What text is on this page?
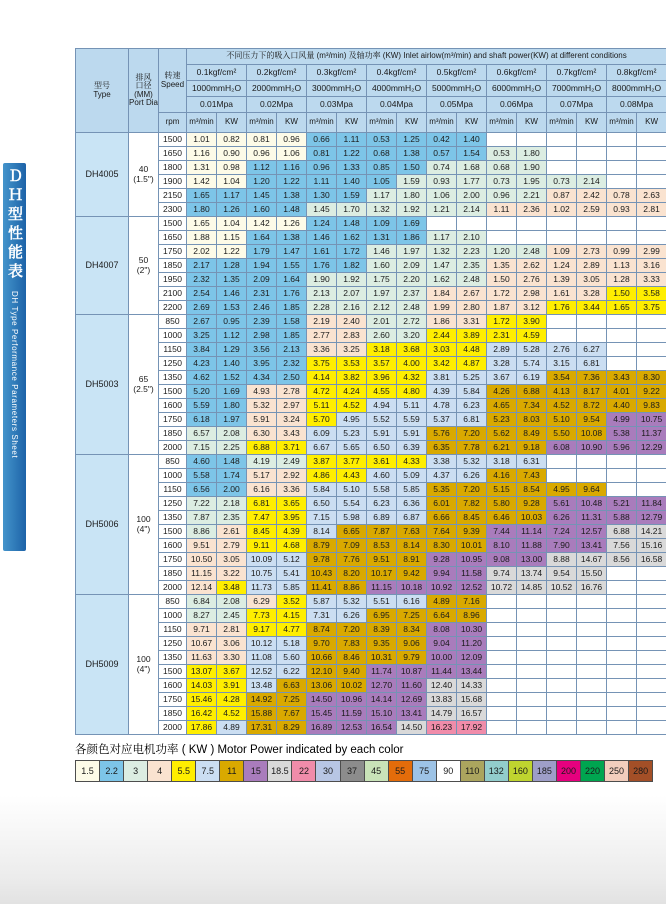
ＤＨ型性能表
DH Type Performance Parameters Sheet
型号
Type	排风
口径
(MM)
Port Dia	转速
Speed	不同压力下的吸入口风量 (m³/min) 及轴功率 (KW) Inlet airlow(m³/min) and shaft power(KW) at different conditions															
			0.1kgf/cm²		0.2kgf/cm²		0.3kgf/cm²		0.4kgf/cm²		0.5kgf/cm²		0.6kgf/cm²		0.7kgf/cm²		0.8kgf/cm²	
			1000mmH₂O		2000mmH₂O		3000mmH₂O		4000mmH₂O		5000mmH₂O		6000mmH₂O		7000mmH₂O		8000mmH₂O	
			0.01Mpa		0.02Mpa		0.03Mpa		0.04Mpa		0.05Mpa		0.06Mpa		0.07Mpa		0.08Mpa	
		rpm	m³/min	KW	m³/min	KW	m³/min	KW	m³/min	KW	m³/min	KW	m³/min	KW	m³/min	KW	m³/min	KW
DH4005	40
(1.5")	1500	1.01	0.82	0.81	0.96	0.66	1.11	0.53	1.25	0.42	1.40						
		1650	1.16	0.90	0.96	1.06	0.81	1.22	0.68	1.38	0.57	1.54	0.53	1.80				
		1800	1.31	0.98	1.12	1.16	0.96	1.33	0.85	1.50	0.74	1.68	0.68	1.90				
		1900	1.42	1.04	1.20	1.22	1.11	1.40	1.05	1.59	0.93	1.77	0.73	1.95	0.73	2.14		
		2150	1.65	1.17	1.45	1.38	1.30	1.59	1.17	1.80	1.06	2.00	0.96	2.21	0.87	2.42	0.78	2.63
		2300	1.80	1.26	1.60	1.48	1.45	1.70	1.32	1.92	1.21	2.14	1.11	2.36	1.02	2.59	0.93	2.81
DH4007	50
(2")	1500	1.65	1.04	1.42	1.26	1.24	1.48	1.09	1.69								
		1650	1.88	1.15	1.64	1.38	1.46	1.62	1.31	1.86	1.17	2.10						
		1750	2.02	1.22	1.79	1.47	1.61	1.72	1.46	1.97	1.32	2.23	1.20	2.48	1.09	2.73	0.99	2.99
		1850	2.17	1.28	1.94	1.55	1.76	1.82	1.60	2.09	1.47	2.35	1.35	2.62	1.24	2.89	1.13	3.16
		1950	2.32	1.35	2.09	1.64	1.90	1.92	1.75	2.20	1.62	2.48	1.50	2.76	1.39	3.05	1.28	3.33
		2100	2.54	1.46	2.31	1.76	2.13	2.07	1.97	2.37	1.84	2.67	1.72	2.98	1.61	3.28	1.50	3.58
		2200	2.69	1.53	2.46	1.85	2.28	2.16	2.12	2.48	1.99	2.80	1.87	3.12	1.76	3.44	1.65	3.75
DH5003	65
(2.5")	850	2.67	0.95	2.39	1.58	2.19	2.40	2.01	2.72	1.86	3.31	1.72	3.90				
		1000	3.25	1.12	2.98	1.85	2.77	2.83	2.60	3.20	2.44	3.89	2.31	4.59				
		1150	3.84	1.29	3.56	2.13	3.36	3.25	3.18	3.68	3.03	4.48	2.89	5.28	2.76	6.27		
		1250	4.23	1.40	3.95	2.32	3.75	3.53	3.57	4.00	3.42	4.87	3.28	5.74	3.15	6.81		
		1350	4.62	1.52	4.34	2.50	4.14	3.82	3.96	4.32	3.81	5.25	3.67	6.19	3.54	7.36	3.43	8.30
		1500	5.20	1.69	4.93	2.78	4.72	4.24	4.55	4.80	4.39	5.84	4.26	6.88	4.13	8.17	4.01	9.22
		1600	5.59	1.80	5.32	2.97	5.11	4.52	4.94	5.11	4.78	6.23	4.65	7.34	4.52	8.72	4.40	9.83
		1750	6.18	1.97	5.91	3.24	5.70	4.95	5.52	5.59	5.37	6.81	5.23	8.03	5.10	9.54	4.99	10.75
		1850	6.57	2.08	6.30	3.43	6.09	5.23	5.91	5.91	5.76	7.20	5.62	8.49	5.50	10.08	5.38	11.37
		2000	7.15	2.25	6.88	3.71	6.67	5.65	6.50	6.39	6.35	7.78	6.21	9.18	6.08	10.90	5.96	12.29
DH5006	100
(4")	850	4.60	1.48	4.19	2.49	3.87	3.77	3.61	4.33	3.38	5.32	3.18	6.31				
		1000	5.58	1.74	5.17	2.92	4.86	4.43	4.60	5.09	4.37	6.26	4.16	7.43				
		1150	6.56	2.00	6.16	3.36	5.84	5.10	5.58	5.85	5.35	7.20	5.15	8.54	4.95	9.64		
		1250	7.22	2.18	6.81	3.65	6.50	5.54	6.23	6.36	6.01	7.82	5.80	9.28	5.61	10.48	5.21	11.84
		1350	7.87	2.35	7.47	3.95	7.15	5.98	6.89	6.87	6.66	8.45	6.46	10.03	6.26	11.31	5.88	12.79
		1500	8.86	2.61	8.45	4.39	8.14	6.65	7.87	7.63	7.64	9.39	7.44	11.14	7.24	12.57	6.88	14.21
		1600	9.51	2.79	9.11	4.68	8.79	7.09	8.53	8.14	8.30	10.01	8.10	11.88	7.90	13.41	7.56	15.16
		1750	10.50	3.05	10.09	5.12	9.78	7.76	9.51	8.91	9.28	10.95	9.08	13.00	8.88	14.67	8.56	16.58
		1850	11.15	3.22	10.75	5.41	10.43	8.20	10.17	9.42	9.94	11.58	9.74	13.74	9.54	15.50		
		2000	12.14	3.48	11.73	5.85	11.41	8.86	11.15	10.18	10.92	12.52	10.72	14.85	10.52	16.76		
DH5009	100
(4")	850	6.84	2.08	6.29	3.52	5.87	5.32	5.51	6.16	4.89	7.16						
		1000	8.27	2.45	7.73	4.15	7.31	6.26	6.95	7.25	6.64	8.96						
		1150	9.71	2.81	9.17	4.77	8.74	7.20	8.39	8.34	8.08	10.30						
		1250	10.67	3.06	10.12	5.18	9.70	7.83	9.35	9.06	9.04	11.20						
		1350	11.63	3.30	11.08	5.60	10.66	8.46	10.31	9.79	10.00	12.09						
		1500	13.07	3.67	12.52	6.22	12.10	9.40	11.74	10.87	11.44	13.44						
		1600	14.03	3.91	13.48	6.63	13.06	10.02	12.70	11.60	12.40	14.33						
		1750	15.46	4.28	14.92	7.25	14.50	10.96	14.14	12.69	13.83	15.68						
		1850	16.42	4.52	15.88	7.67	15.45	11.59	15.10	13.41	14.79	16.57						
		2000	17.86	4.89	17.31	8.29	16.89	12.53	16.54	14.50	16.23	17.92						
各颜色对应电机功率 ( KW ) Motor Power indicated by each color
1.5	2.2	3	4	5.5	7.5	11	15	18.5	22	30	37	45	55	75	90	110	132	160	185	200	220	250	280
